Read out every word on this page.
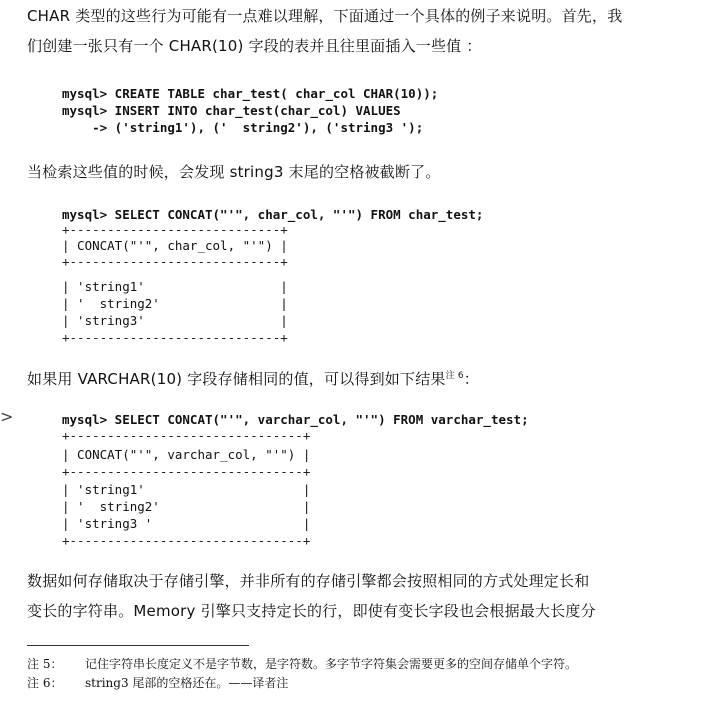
CHAR 类型的这些行为可能有一点难以理解，下面通过一个具体的例子来说明。首先，我
们创建一张只有一个 CHAR(10) 字段的表并且往里面插入一些值 ：
mysql> CREATE TABLE char_test( char_col CHAR(10));
mysql> INSERT INTO char_test(char_col) VALUES
-> ('string1'), ('  string2'), ('string3 ');
当检索这些值的时候，会发现 string3 末尾的空格被截断了。
mysql> SELECT CONCAT("'", char_col, "'") FROM char_test;
+----------------------------+
| CONCAT("'", char_col, "'") |
+----------------------------+
| 'string1'                  |
| '  string2'                |
| 'string3'                  |
+----------------------------+
如果用 VARCHAR(10) 字段存储相同的值，可以得到如下结果$^{注 6}$：
>	mysql> SELECT CONCAT("'", varchar_col, "'") FROM varchar_test;
+-------------------------------+
| CONCAT("'", varchar_col, "'") |
+-------------------------------+
| 'string1'                     |
| '  string2'                   |
| 'string3 '                    |
+-------------------------------+
数据如何存储取决于存储引擎，并非所有的存储引擎都会按照相同的方式处理定长和
变长的字符串。Memory 引擎只支持定长的行，即使有变长字段也会根据最大长度分
注 5： 记住字符串长度定义不是字节数，是字符数。多字节字符集会需要更多的空间存储单个字符。
注 6： string3 尾部的空格还在。——译者注
